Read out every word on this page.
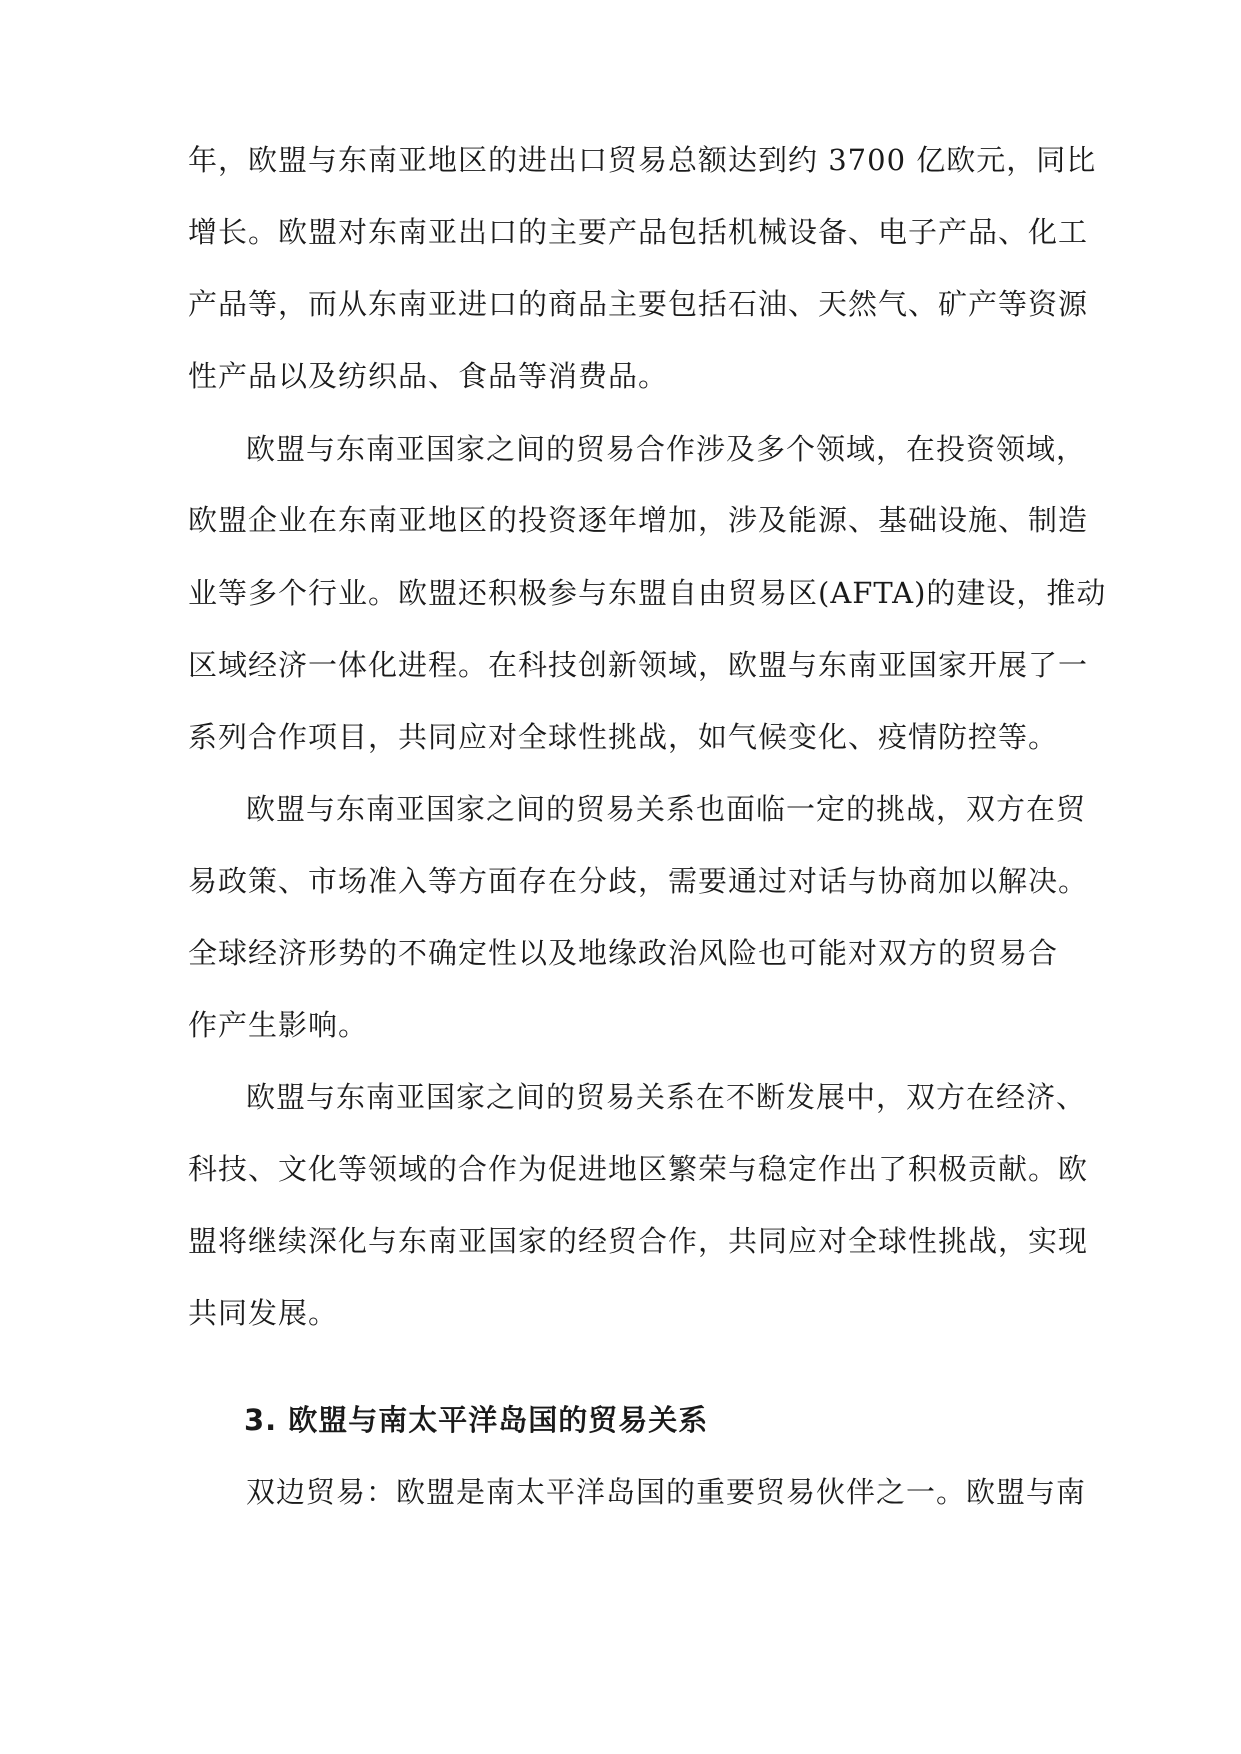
年，欧盟与东南亚地区的进出口贸易总额达到约 3700 亿欧元，同比
增长。欧盟对东南亚出口的主要产品包括机械设备、电子产品、化工
产品等，而从东南亚进口的商品主要包括石油、天然气、矿产等资源
性产品以及纺织品、食品等消费品。
欧盟与东南亚国家之间的贸易合作涉及多个领域，在投资领域，
欧盟企业在东南亚地区的投资逐年增加，涉及能源、基础设施、制造
业等多个行业。欧盟还积极参与东盟自由贸易区(AFTA)的建设，推动
区域经济一体化进程。在科技创新领域，欧盟与东南亚国家开展了一
系列合作项目，共同应对全球性挑战，如气候变化、疫情防控等。
欧盟与东南亚国家之间的贸易关系也面临一定的挑战，双方在贸
易政策、市场准入等方面存在分歧，需要通过对话与协商加以解决。
全球经济形势的不确定性以及地缘政治风险也可能对双方的贸易合
作产生影响。
欧盟与东南亚国家之间的贸易关系在不断发展中，双方在经济、
科技、文化等领域的合作为促进地区繁荣与稳定作出了积极贡献。欧
盟将继续深化与东南亚国家的经贸合作，共同应对全球性挑战，实现
共同发展。
3. 欧盟与南太平洋岛国的贸易关系
双边贸易：欧盟是南太平洋岛国的重要贸易伙伴之一。欧盟与南
